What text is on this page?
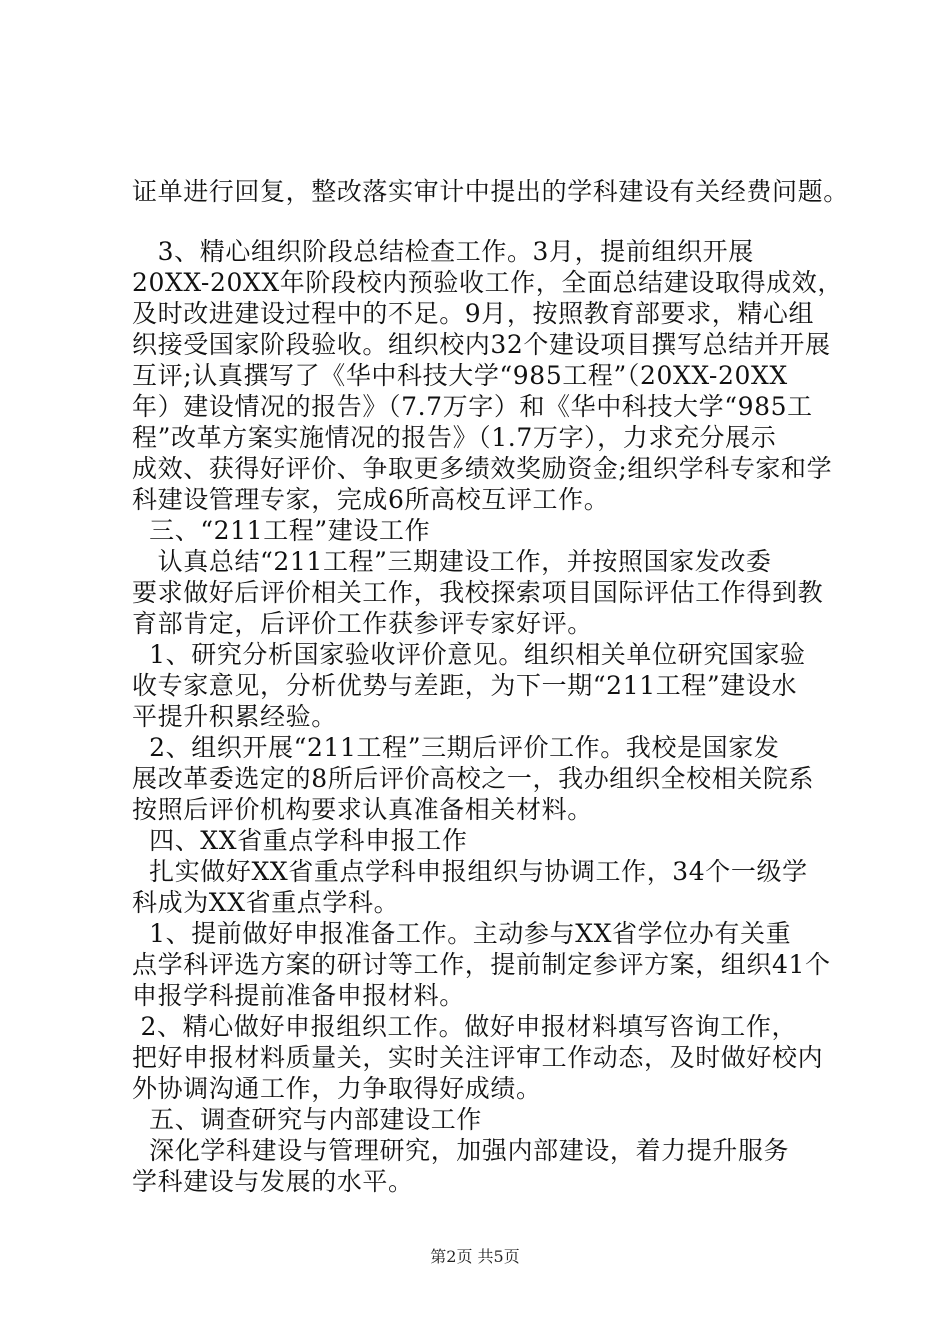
证单进行回复，整改落实审计中提出的学科建设有关经费问题。
3、精心组织阶段总结检查工作。3月，提前组织开展
20XX-20XX年阶段校内预验收工作，全面总结建设取得成效，
及时改进建设过程中的不足。9月，按照教育部要求，精心组
织接受国家阶段验收。组织校内32个建设项目撰写总结并开展
互评;认真撰写了《华中科技大学“985工程”（20XX-20XX
年）建设情况的报告》（7.7万字）和《华中科技大学“985工
程”改革方案实施情况的报告》（1.7万字），力求充分展示
成效、获得好评价、争取更多绩效奖励资金;组织学科专家和学
科建设管理专家，完成6所高校互评工作。
三、“211工程”建设工作
认真总结“211工程”三期建设工作，并按照国家发改委
要求做好后评价相关工作，我校探索项目国际评估工作得到教
育部肯定，后评价工作获参评专家好评。
1、研究分析国家验收评价意见。组织相关单位研究国家验
收专家意见，分析优势与差距，为下一期“211工程”建设水
平提升积累经验。
2、组织开展“211工程”三期后评价工作。我校是国家发
展改革委选定的8所后评价高校之一，我办组织全校相关院系
按照后评价机构要求认真准备相关材料。
四、XX省重点学科申报工作
扎实做好XX省重点学科申报组织与协调工作，34个一级学
科成为XX省重点学科。
1、提前做好申报准备工作。主动参与XX省学位办有关重
点学科评选方案的研讨等工作，提前制定参评方案，组织41个
申报学科提前准备申报材料。
2、精心做好申报组织工作。做好申报材料填写咨询工作，
把好申报材料质量关，实时关注评审工作动态，及时做好校内
外协调沟通工作，力争取得好成绩。
五、调查研究与内部建设工作
深化学科建设与管理研究，加强内部建设，着力提升服务
学科建设与发展的水平。
第2页 共5页
